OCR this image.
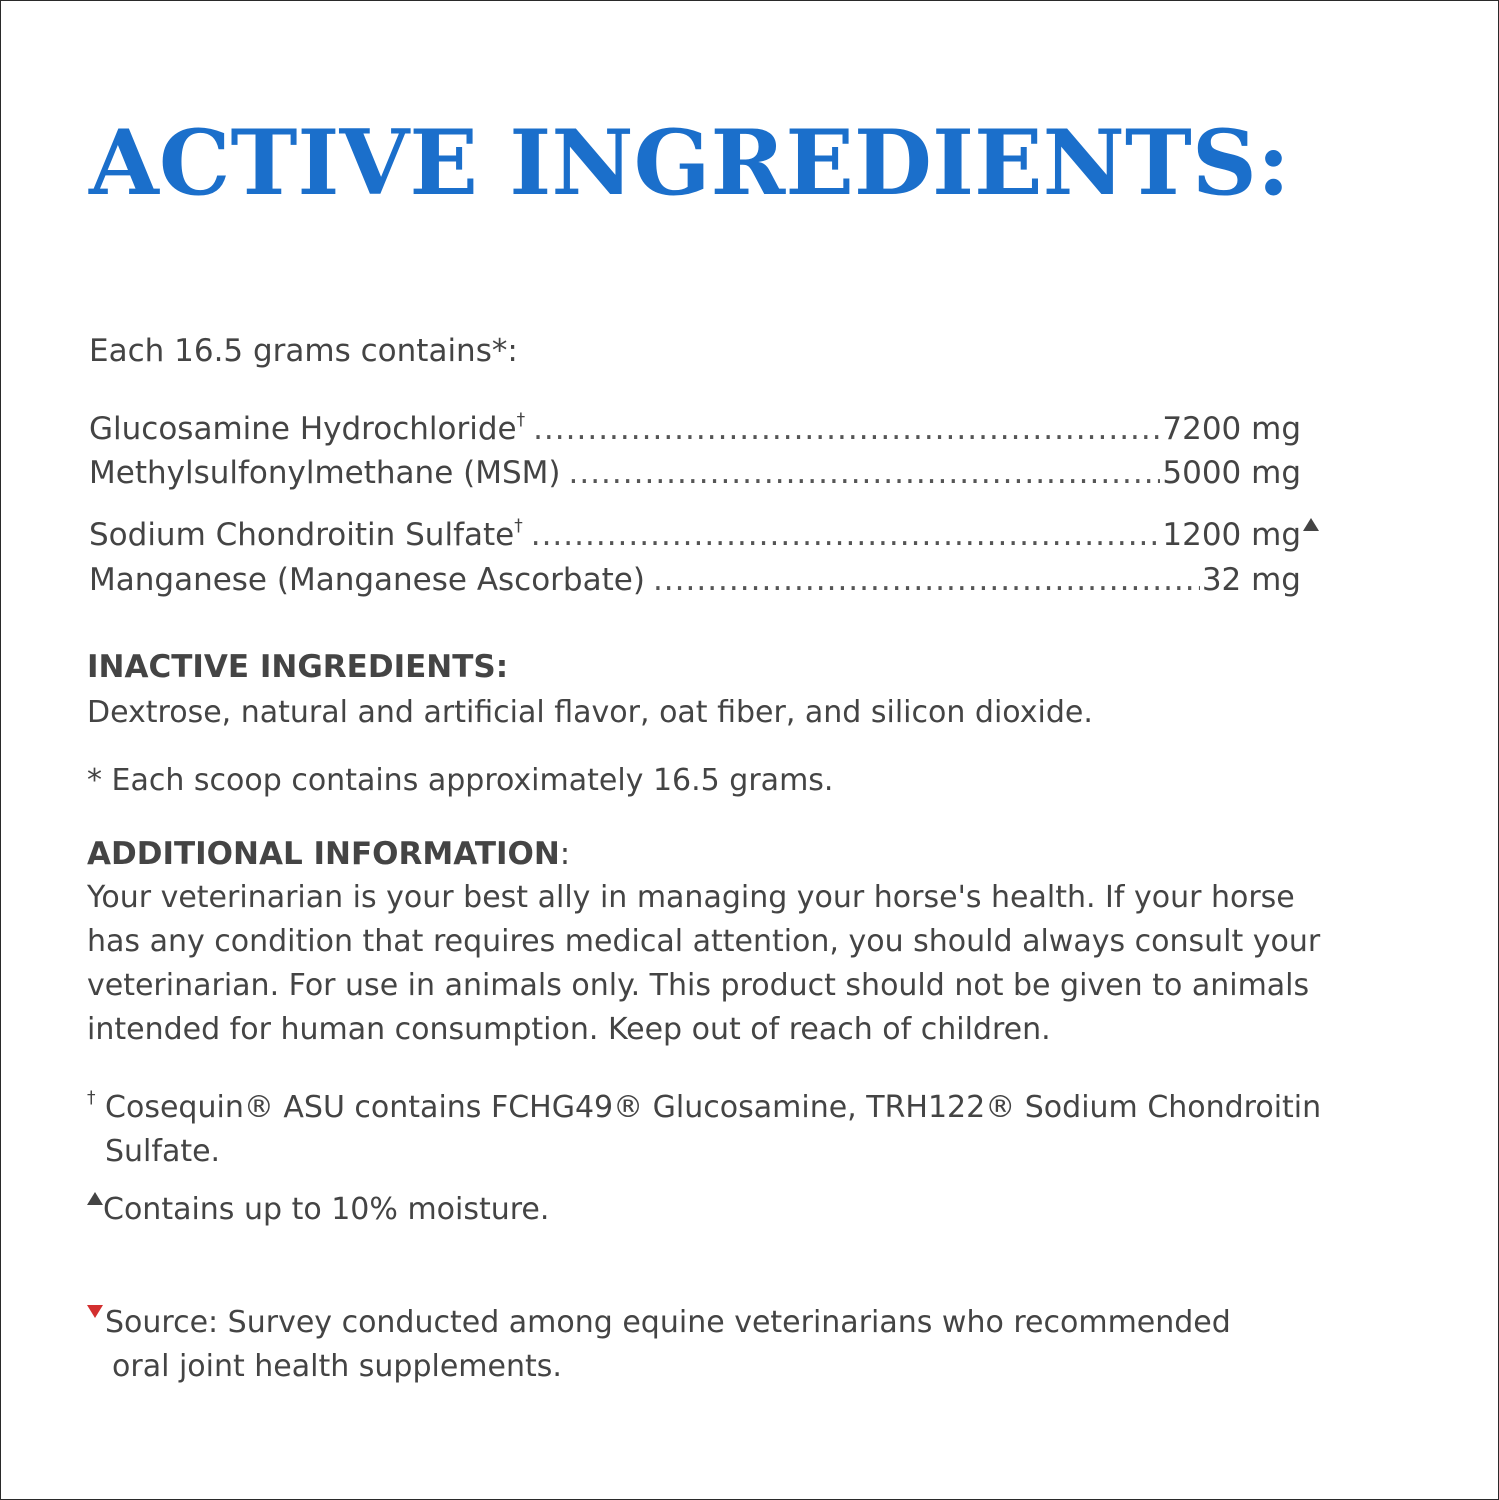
ACTIVE INGREDIENTS:
Each 16.5 grams contains*:
Glucosamine Hydrochloride† .....	7200 mg
Methylsulfonylmethane (MSM) .....	5000 mg
Sodium Chondroitin Sulfate† .....	1200 mg
Manganese (Manganese Ascorbate) .....	32 mg
INACTIVE INGREDIENTS:
Dextrose, natural and artificial flavor, oat fiber, and silicon dioxide.
* Each scoop contains approximately 16.5 grams.
ADDITIONAL INFORMATION:
Your veterinarian is your best ally in managing your horse's health. If your horse
has any condition that requires medical attention, you should always consult your
veterinarian. For use in animals only. This product should not be given to animals
intended for human consumption. Keep out of reach of children.
† Cosequin® ASU contains FCHG49® Glucosamine, TRH122® Sodium Chondroitin
Sulfate.
Contains up to 10% moisture.
Source: Survey conducted among equine veterinarians who recommended
oral joint health supplements.
